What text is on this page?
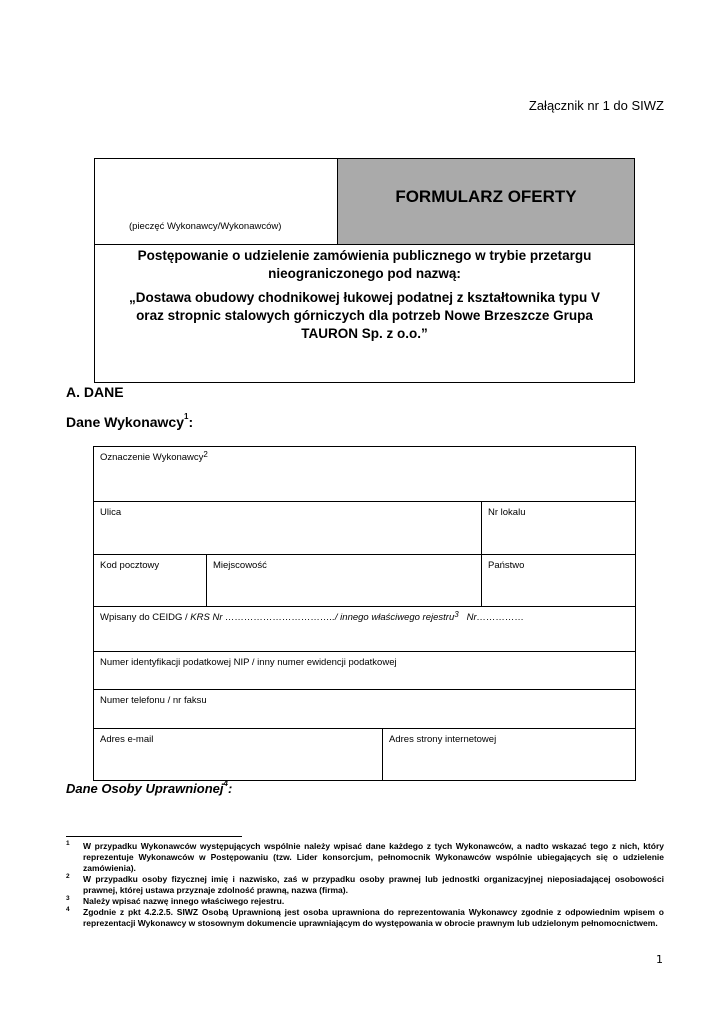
Załącznik nr 1 do SIWZ
(pieczęć Wykonawcy/Wykonawców)
FORMULARZ OFERTY
Postępowanie o udzielenie zamówienia publicznego w trybie przetargu nieograniczonego pod nazwą:
„Dostawa obudowy chodnikowej łukowej podatnej z kształtownika typu V oraz stropnic stalowych górniczych dla potrzeb Nowe Brzeszcze Grupa TAURON Sp. z o.o.”
A. DANE
Dane Wykonawcy$^1$:
Oznaczenie Wykonawcy$^2$
Ulica	Nr lokalu
Kod pocztowy	Miejscowość	Państwo
Wpisany do CEIDG / KRS Nr ……………………………../ innego właściwego rejestru$^3$ Nr……………
Numer identyfikacji podatkowej NIP / inny numer ewidencji podatkowej
Numer telefonu / nr faksu
Adres e-mail	Adres strony internetowej
Dane Osoby Uprawnionej$^4$:
1 W przypadku Wykonawców występujących wspólnie należy wpisać dane każdego z tych Wykonawców, a nadto wskazać tego z nich, który reprezentuje Wykonawców w Postępowaniu (tzw. Lider konsorcjum, pełnomocnik Wykonawców wspólnie ubiegających się o udzielenie zamówienia).
2 W przypadku osoby fizycznej imię i nazwisko, zaś w przypadku osoby prawnej lub jednostki organizacyjnej nieposiadającej osobowości prawnej, której ustawa przyznaje zdolność prawną, nazwa (firma).
3 Należy wpisać nazwę innego właściwego rejestru.
4 Zgodnie z pkt 4.2.2.5. SIWZ Osobą Uprawnioną jest osoba uprawniona do reprezentowania Wykonawcy zgodnie z odpowiednim wpisem o reprezentacji Wykonawcy w stosownym dokumencie uprawniającym do występowania w obrocie prawnym lub udzielonym pełnomocnictwem.
1
